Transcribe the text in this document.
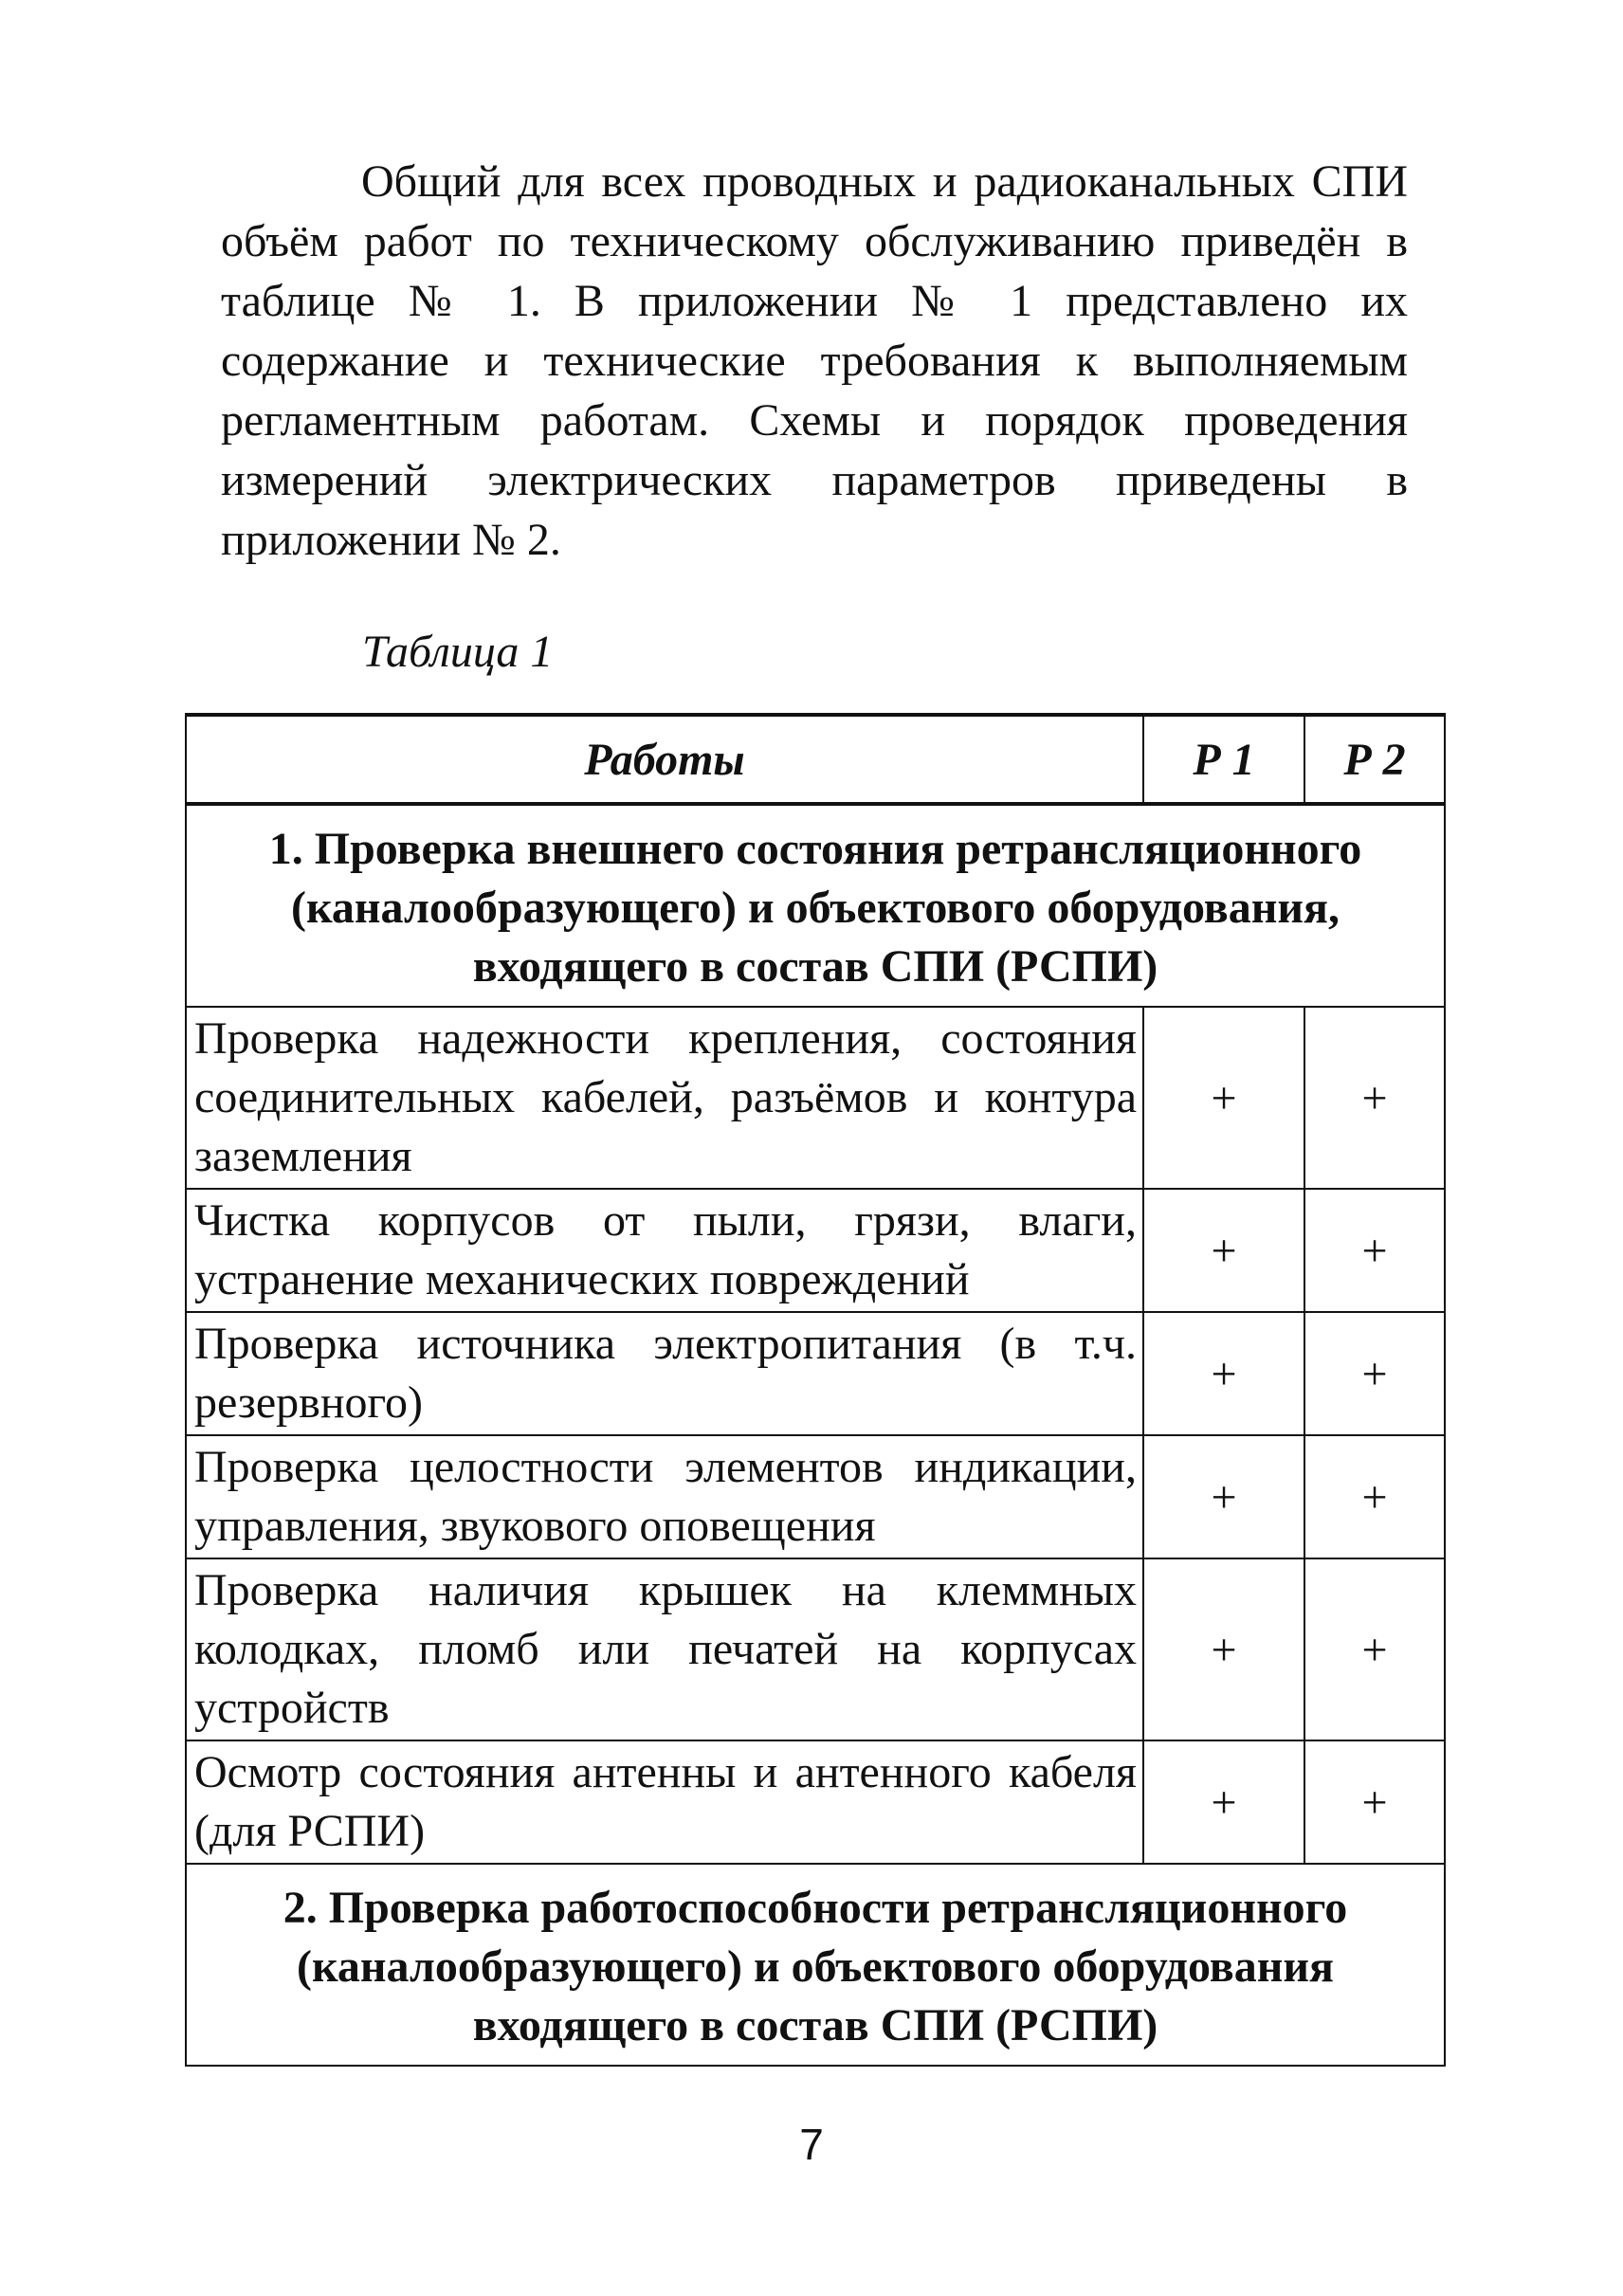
Общий для всех проводных и радиоканальных СПИ объём работ по техническому обслуживанию приведён в таблице № 1. В приложении № 1 представлено их содержание и технические требования к выполняемым регламентным работам. Схемы и порядок проведения измерений электрических параметров приведены в приложении № 2.

Таблица 1

Работы	Р 1	Р 2
1. Проверка внешнего состояния ретрансляционного (каналообразующего) и объектового оборудования, входящего в состав СПИ (РСПИ)		
Проверка надежности крепления, состояния соединительных кабелей, разъёмов и контура заземления	+	+
Чистка корпусов от пыли, грязи, влаги, устранение механических повреждений	+	+
Проверка источника электропитания (в т.ч. резервного)	+	+
Проверка целостности элементов индикации, управления, звукового оповещения	+	+
Проверка наличия крышек на клеммных колодках, пломб или печатей на корпусах устройств	+	+
Осмотр состояния антенны и антенного кабеля (для РСПИ)	+	+
2. Проверка работоспособности ретрансляционного (каналообразующего) и объектового оборудования входящего в состав СПИ (РСПИ)		

7
